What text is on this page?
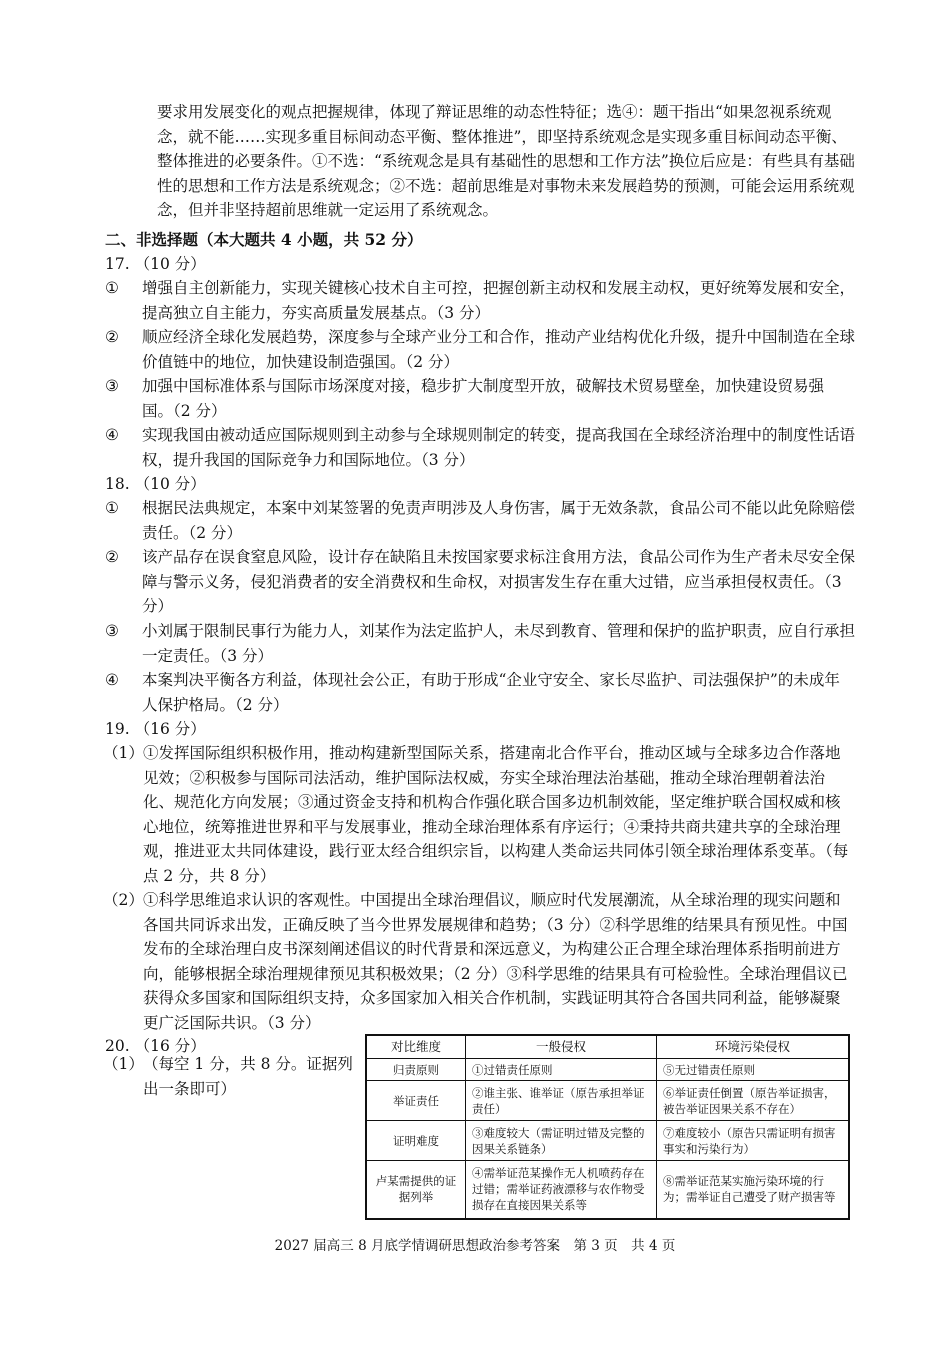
要求用发展变化的观点把握规律，体现了辩证思维的动态性特征；选④：题干指出“如果忽视系统观念，就不能……实现多重目标间动态平衡、整体推进”，即坚持系统观念是实现多重目标间动态平衡、整体推进的必要条件。①不选：“系统观念是具有基础性的思想和工作方法”换位后应是：有些具有基础性的思想和工作方法是系统观念；②不选：超前思维是对事物未来发展趋势的预测，可能会运用系统观念，但并非坚持超前思维就一定运用了系统观念。
二、非选择题（本大题共 4 小题，共 52 分）
17. （10 分）
①	增强自主创新能力，实现关键核心技术自主可控，把握创新主动权和发展主动权，更好统筹发展和安全，提高独立自主能力，夯实高质量发展基点。（3 分）
②	顺应经济全球化发展趋势，深度参与全球产业分工和合作，推动产业结构优化升级，提升中国制造在全球价值链中的地位，加快建设制造强国。（2 分）
③	加强中国标准体系与国际市场深度对接，稳步扩大制度型开放，破解技术贸易壁垒，加快建设贸易强国。（2 分）
④	实现我国由被动适应国际规则到主动参与全球规则制定的转变，提高我国在全球经济治理中的制度性话语权，提升我国的国际竞争力和国际地位。（3 分）
18. （10 分）
①	根据民法典规定，本案中刘某签署的免责声明涉及人身伤害，属于无效条款，食品公司不能以此免除赔偿责任。（2 分）
②	该产品存在误食窒息风险，设计存在缺陷且未按国家要求标注食用方法，食品公司作为生产者未尽安全保障与警示义务，侵犯消费者的安全消费权和生命权，对损害发生存在重大过错，应当承担侵权责任。（3 分）
③	小刘属于限制民事行为能力人，刘某作为法定监护人，未尽到教育、管理和保护的监护职责，应自行承担一定责任。（3 分）
④	本案判决平衡各方利益，体现社会公正，有助于形成“企业守安全、家长尽监护、司法强保护”的未成年人保护格局。（2 分）
19. （16 分）
（1） ①发挥国际组织积极作用，推动构建新型国际关系，搭建南北合作平台，推动区域与全球多边合作落地见效；②积极参与国际司法活动，维护国际法权威，夯实全球治理法治基础，推动全球治理朝着法治化、规范化方向发展；③通过资金支持和机构合作强化联合国多边机制效能，坚定维护联合国权威和核心地位，统筹推进世界和平与发展事业，推动全球治理体系有序运行；④秉持共商共建共享的全球治理观，推进亚太共同体建设，践行亚太经合组织宗旨，以构建人类命运共同体引领全球治理体系变革。（每点 2 分，共 8 分）
（2） ①科学思维追求认识的客观性。中国提出全球治理倡议，顺应时代发展潮流，从全球治理的现实问题和各国共同诉求出发，正确反映了当今世界发展规律和趋势；（3 分）②科学思维的结果具有预见性。中国发布的全球治理白皮书深刻阐述倡议的时代背景和深远意义，为构建公正合理全球治理体系指明前进方向，能够根据全球治理规律预见其积极效果；（2 分）③科学思维的结果具有可检验性。全球治理倡议已获得众多国家和国际组织支持，众多国家加入相关合作机制，实践证明其符合各国共同利益，能够凝聚更广泛国际共识。（3 分）
20. （16 分）
（1） （每空 1 分，共 8 分。证据列出一条即可）
对比维度	一般侵权	环境污染侵权
归责原则	①过错责任原则	⑤无过错责任原则
举证责任	②谁主张、谁举证（原告承担举证责任）	⑥举证责任倒置（原告举证损害，被告举证因果关系不存在）
证明难度	③难度较大（需证明过错及完整的因果关系链条）	⑦难度较小（原告只需证明有损害事实和污染行为）
卢某需提供的证据列举	④需举证范某操作无人机喷药存在过错；需举证药液漂移与农作物受损存在直接因果关系等	⑧需举证范某实施污染环境的行为；需举证自己遭受了财产损害等
2027 届高三 8 月底学情调研思想政治参考答案　第 3 页　共 4 页
